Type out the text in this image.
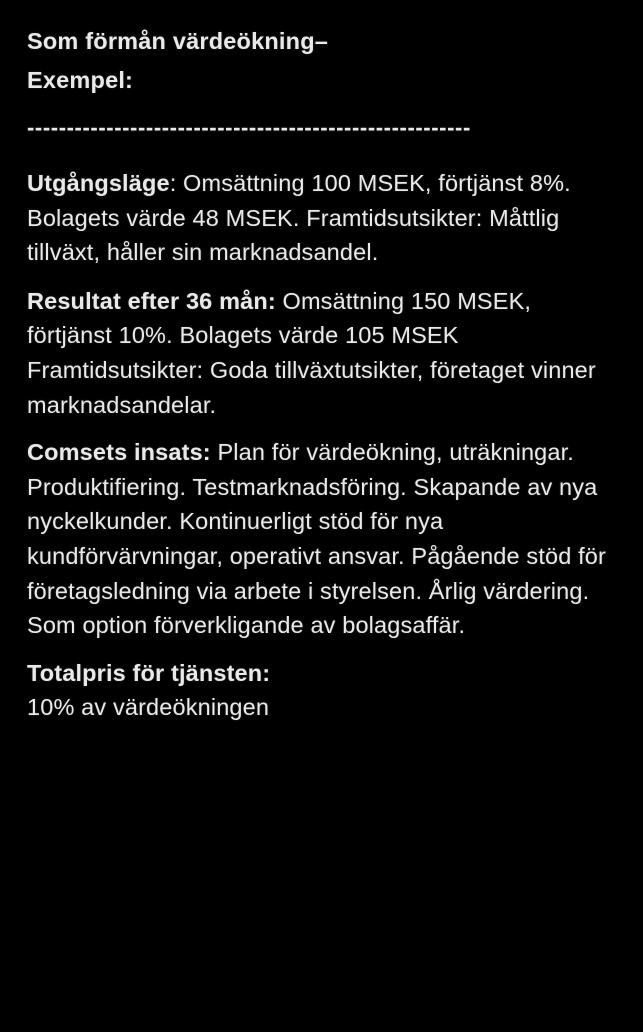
Som förmån värdeökning–
Exempel:
--------------------------------------------------------

Utgångsläge: Omsättning 100 MSEK, förtjänst 8%. Bolagets värde 48 MSEK. Framtidsutsikter: Måttlig tillväxt, håller sin marknadsandel.

Resultat efter 36 mån: Omsättning 150 MSEK, förtjänst 10%. Bolagets värde 105 MSEK Framtidsutsikter: Goda tillväxtutsikter, företaget vinner marknadsandelar.

Comsets insats: Plan för värdeökning, uträkningar. Produktifiering. Testmarknadsföring. Skapande av nya nyckelkunder. Kontinuerligt stöd för nya kundförvärvningar, operativt ansvar. Pågående stöd för företagsledning via arbete i styrelsen. Årlig värdering. Som option förverkligande av bolagsaffär.

Totalpris för tjänsten:
10% av värdeökningen
